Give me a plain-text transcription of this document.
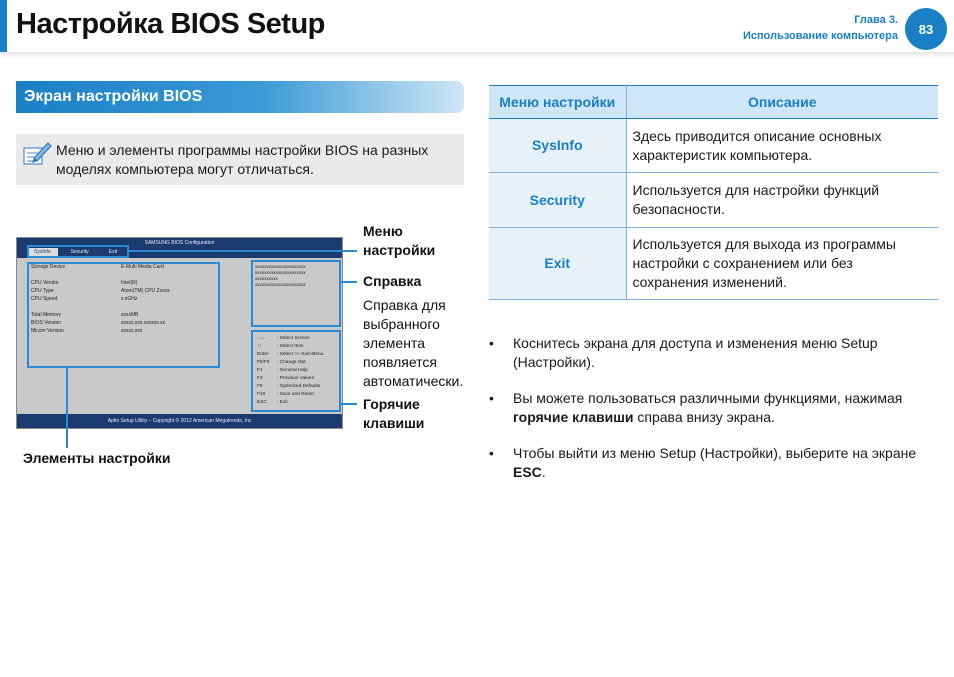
Настройка BIOS Setup	Глава 3.
Использование компьютера	83
Экран настройки BIOS
Меню и элементы программы настройки BIOS на разных моделях компьютера могут отличаться.
SAMSUNG BIOS Configuration
SysInfo	Security	Exit
Storage Device	E-Multi Media Card
CPU Vendor	Intel(R)
CPU Type	Atom(TM) CPU Zxxxx
CPU Speed	x.xGHz
Total Memory	xxxxMB
BIOS Version	xxxxx.xxx.xxxxxx.xx
Micom Version	xxxxx.xxx
xxxxxxxxxxxxxxxxxxxxxx
xxxxxxxxxxxxxxxxxxxxxx
xxxxxxxxxx
xxxxxxxxxxxxxxxxxxxxxx
→←	: Select Screen
↑↓	: Select Item
Enter	: Select >> Sub-Menu
F5/F6	: Change Opt.
F1	: General Help
F3	: Previous Values
F9	: Optimized Defaults
F10	: Save and Reset
ESC	: Exit
Aptio Setup Utility – Copyright © 2012 American Megatrends, Inc
Меню настройки
Справка
Справка для выбранного элемента появляется автоматически.
Горячие клавиши
Элементы настройки
Меню настройки	Описание
SysInfo	Здесь приводится описание основных характеристик компьютера.
Security	Используется для настройки функций безопасности.
Exit	Используется для выхода из программы настройки с сохранением или без сохранения изменений.
• Коснитесь экрана для доступа и изменения меню Setup (Настройки).
• Вы можете пользоваться различными функциями, нажимая горячие клавиши справа внизу экрана.
• Чтобы выйти из меню Setup (Настройки), выберите на экране ESC.
